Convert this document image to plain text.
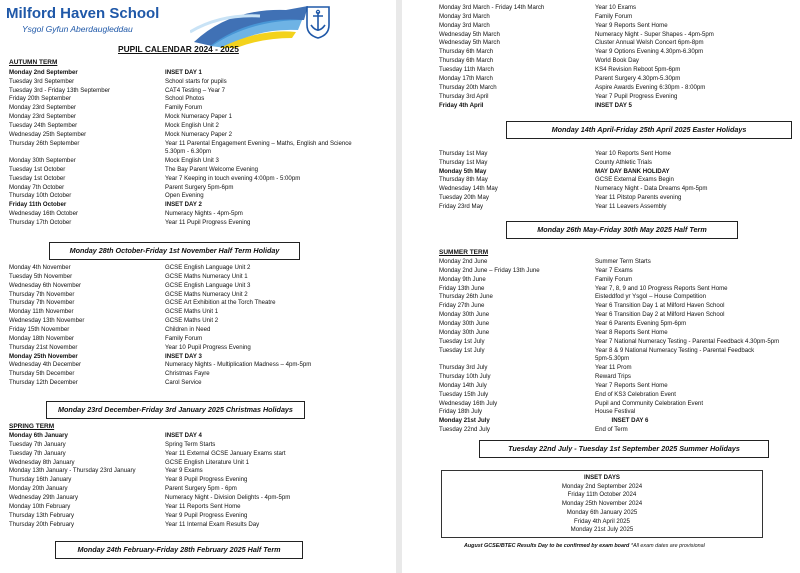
Milford Haven School
Ysgol Gyfun Aberdaugleddau
PUPIL CALENDAR 2024 - 2025
AUTUMN TERM
Monday 2nd September	INSET DAY 1
Tuesday 3rd September	School starts for pupils
Tuesday 3rd - Friday 13th September	CAT4 Testing – Year 7
Friday 20th September	School Photos
Monday 23rd September	Family Forum
Monday 23rd September	Mock Numeracy Paper 1
Tuesday 24th September	Mock English Unit 2
Wednesday 25th September	Mock Numeracy Paper 2
Thursday 26th September	Year 11 Parental Engagement Evening – Maths, English and Science
5.30pm - 6.30pm
Monday 30th September	Mock English Unit 3
Tuesday 1st October	The Bay Parent Welcome Evening
Tuesday 1st October	Year 7 Keeping in touch evening 4:00pm - 5:00pm
Monday 7th October	Parent Surgery 5pm-6pm
Thursday 10th October	Open Evening
Friday 11th October	INSET DAY 2
Wednesday 16th October	Numeracy Nights - 4pm-5pm
Thursday 17th October	Year 11 Pupil Progress Evening
Monday 28th October-Friday 1st November Half Term Holiday
Monday 4th November	GCSE English Language Unit 2
Tuesday 5th November	GCSE Maths Numeracy Unit 1
Wednesday 6th November	GCSE English Language Unit 3
Thursday 7th November	GCSE Maths Numeracy Unit 2
Thursday 7th November	GCSE Art Exhibition at the Torch Theatre
Monday 11th November	GCSE Maths Unit 1
Wednesday 13th November	GCSE Maths Unit 2
Friday 15th November	Children in Need
Monday 18th November	Family Forum
Thursday 21st November	Year 10 Pupil Progress Evening
Monday 25th November	INSET DAY 3
Wednesday 4th December	Numeracy Nights - Multiplication Madness – 4pm-5pm
Thursday 5th December	Christmas Fayre
Thursday 12th December	Carol Service
Monday 23rd December-Friday 3rd January 2025 Christmas Holidays
SPRING TERM
Monday 6th January	INSET DAY 4
Tuesday 7th January	Spring Term Starts
Tuesday 7th January	Year 11 External GCSE January Exams start
Wednesday 8th January	GCSE English Literature Unit 1
Monday 13th January - Thursday 23rd January	Year 9 Exams
Thursday 16th January	Year 8 Pupil Progress Evening
Monday 20th January	Parent Surgery 5pm - 6pm
Wednesday 29th January	Numeracy Night - Division Delights - 4pm-5pm
Monday 10th February	Year 11 Reports Sent Home
Thursday 13th February	Year 9 Pupil Progress Evening
Thursday 20th February	Year 11 Internal Exam Results Day
Monday 24th February-Friday 28th February 2025 Half Term
Monday 3rd March - Friday 14th March	Year 10 Exams
Monday 3rd March	Family Forum
Monday 3rd March	Year 9 Reports Sent Home
Wednesday 5th March	Numeracy Night - Super Shapes - 4pm-5pm
Wednesday 5th March	Cluster Annual Welsh Concert 6pm-8pm
Thursday 6th March	Year 9 Options Evening 4.30pm-6.30pm
Thursday 6th March	World Book Day
Tuesday 11th March	KS4 Revision Reboot 5pm-6pm
Monday 17th March	Parent Surgery 4.30pm-5.30pm
Thursday 20th March	Aspire Awards Evening 6:30pm - 8:00pm
Thursday 3rd April	Year 7 Pupil Progress Evening
Friday 4th April	INSET DAY 5
Monday 14th April-Friday 25th April 2025 Easter Holidays
Thursday 1st May	Year 10 Reports Sent Home
Thursday 1st May	County Athletic Trials
Monday 5th May	MAY DAY BANK HOLIDAY
Thursday 8th May	GCSE External Exams Begin
Wednesday 14th May	Numeracy Night - Data Dreams 4pm-5pm
Tuesday 20th May	Year 11 Pitstop Parents evening
Friday 23rd May	Year 11 Leavers Assembly
Monday 26th May-Friday 30th May 2025 Half Term
SUMMER TERM
Monday 2nd June	Summer Term Starts
Monday 2nd June – Friday 13th June	Year 7 Exams
Monday 9th June	Family Forum
Friday 13th June	Year 7, 8, 9 and 10 Progress Reports Sent Home
Thursday 26th June	Eisteddfod yr Ysgol – House Competition
Friday 27th June	Year 6 Transition Day 1 at Milford Haven School
Monday 30th June	Year 6 Transition Day 2 at Milford Haven School
Monday 30th June	Year 6 Parents Evening 5pm-6pm
Monday 30th June	Year 8 Reports Sent Home
Tuesday 1st July	Year 7 National Numeracy Testing - Parental Feedback 4.30pm-5pm
Tuesday 1st July	Year 8 & 9 National Numeracy Testing - Parental Feedback
5pm-5.30pm
Thursday 3rd July	Year 11 Prom
Thursday 10th July	Reward Trips
Monday 14th July	Year 7 Reports Sent Home
Tuesday 15th July	End of KS3 Celebration Event
Wednesday 16th July	Pupil and Community Celebration Event
Friday 18th July	House Festival
Monday 21st July	INSET DAY 6
Tuesday 22nd July	End of Term
Tuesday 22nd July - Tuesday 1st September 2025 Summer Holidays
INSET DAYS
Monday 2nd September 2024
Friday 11th October 2024
Monday 25th November 2024
Monday 6th January 2025
Friday 4th April 2025
Monday 21st July 2025
August GCSE/BTEC Results Day to be confirmed by exam board *All exam dates are provisional
